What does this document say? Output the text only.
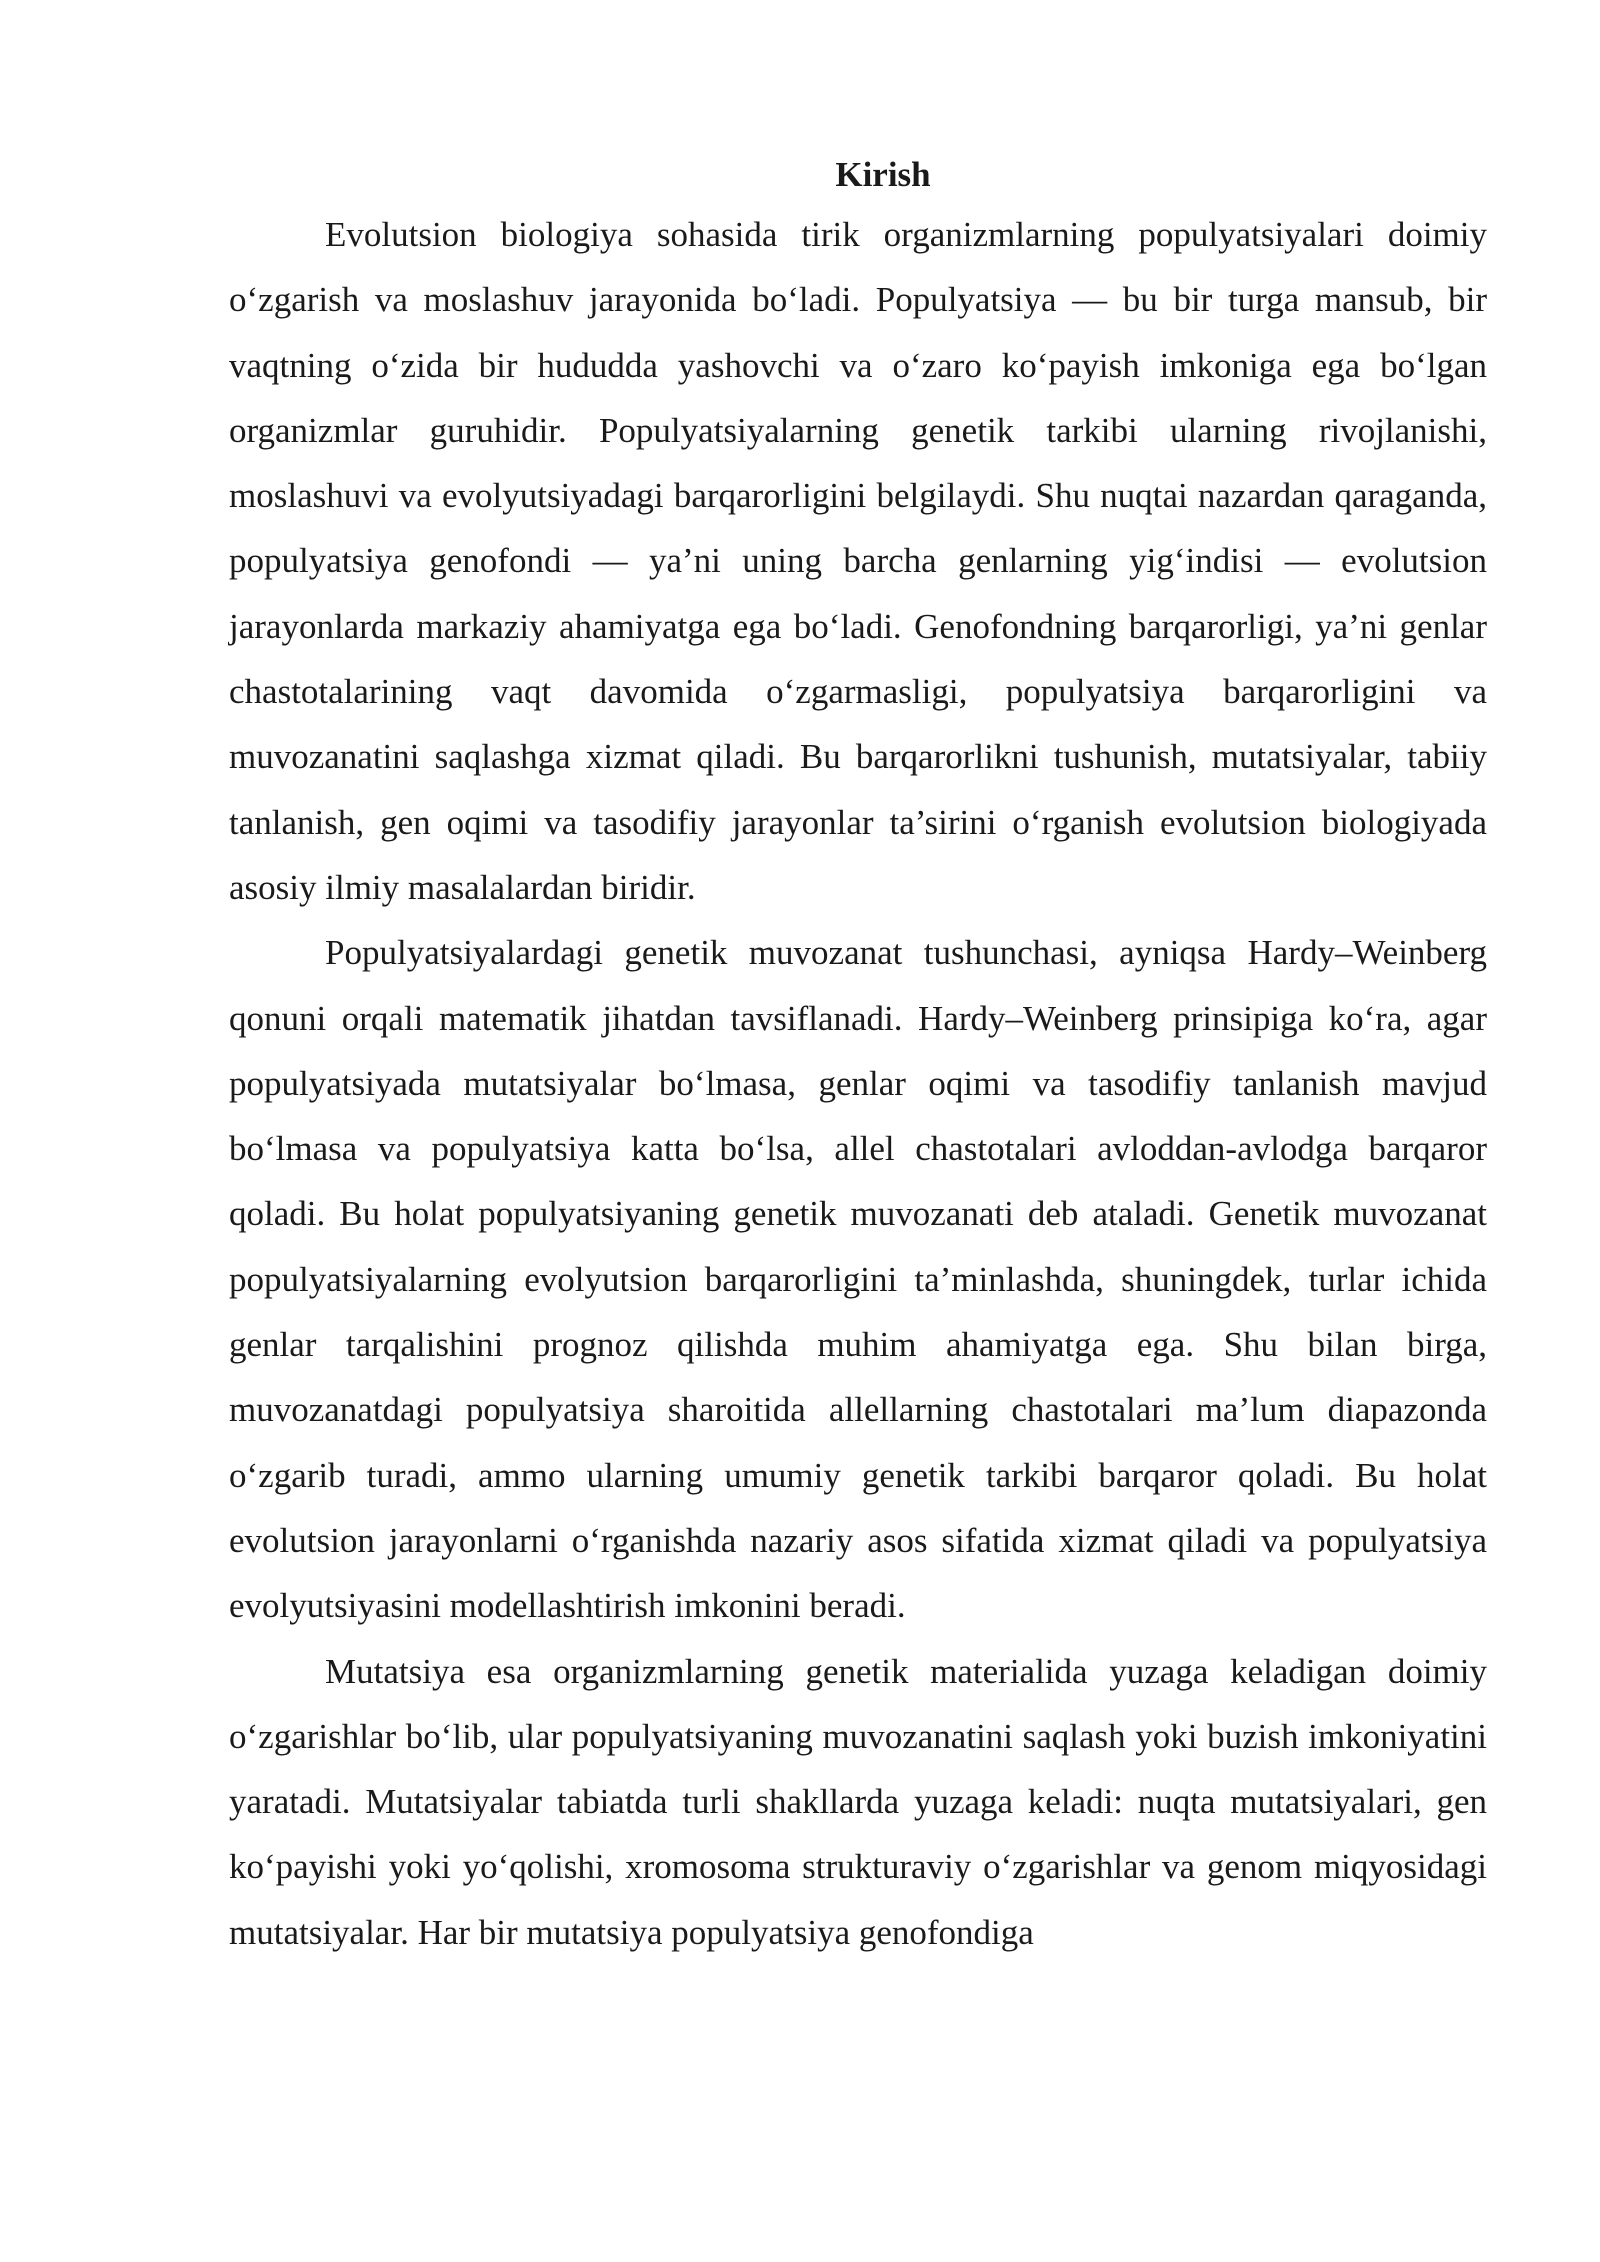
Kirish

Evolutsion biologiya sohasida tirik organizmlarning populyatsiyalari doimiy o‘zgarish va moslashuv jarayonida bo‘ladi. Populyatsiya — bu bir turga mansub, bir vaqtning o‘zida bir hududda yashovchi va o‘zaro ko‘payish imkoniga ega bo‘lgan organizmlar guruhidir. Populyatsiyalarning genetik tarkibi ularning rivojlanishi, moslashuvi va evolyutsiyadagi barqarorligini belgilaydi. Shu nuqtai nazardan qaraganda, populyatsiya genofondi — ya’ni uning barcha genlarning yig‘indisi — evolutsion jarayonlarda markaziy ahamiyatga ega bo‘ladi. Genofondning barqarorligi, ya’ni genlar chastotalarining vaqt davomida o‘zgarmasligi, populyatsiya barqarorligini va muvozanatini saqlashga xizmat qiladi. Bu barqarorlikni tushunish, mutatsiyalar, tabiiy tanlanish, gen oqimi va tasodifiy jarayonlar ta’sirini o‘rganish evolutsion biologiyada asosiy ilmiy masalalardan biridir.

Populyatsiyalardagi genetik muvozanat tushunchasi, ayniqsa Hardy–Weinberg qonuni orqali matematik jihatdan tavsiflanadi. Hardy–Weinberg prinsipiga ko‘ra, agar populyatsiyada mutatsiyalar bo‘lmasa, genlar oqimi va tasodifiy tanlanish mavjud bo‘lmasa va populyatsiya katta bo‘lsa, allel chastotalari avloddan-avlodga barqaror qoladi. Bu holat populyatsiyaning genetik muvozanati deb ataladi. Genetik muvozanat populyatsiyalarning evolyutsion barqarorligini ta’minlashda, shuningdek, turlar ichida genlar tarqalishini prognoz qilishda muhim ahamiyatga ega. Shu bilan birga, muvozanatdagi populyatsiya sharoitida allellarning chastotalari ma’lum diapazonda o‘zgarib turadi, ammo ularning umumiy genetik tarkibi barqaror qoladi. Bu holat evolutsion jarayonlarni o‘rganishda nazariy asos sifatida xizmat qiladi va populyatsiya evolyutsiyasini modellashtirish imkonini beradi.

Mutatsiya esa organizmlarning genetik materialida yuzaga keladigan doimiy o‘zgarishlar bo‘lib, ular populyatsiyaning muvozanatini saqlash yoki buzish imkoniyatini yaratadi. Mutatsiyalar tabiatda turli shakllarda yuzaga keladi: nuqta mutatsiyalari, gen ko‘payishi yoki yo‘qolishi, xromosoma strukturaviy o‘zgarishlar va genom miqyosidagi mutatsiyalar. Har bir mutatsiya populyatsiya genofondiga
